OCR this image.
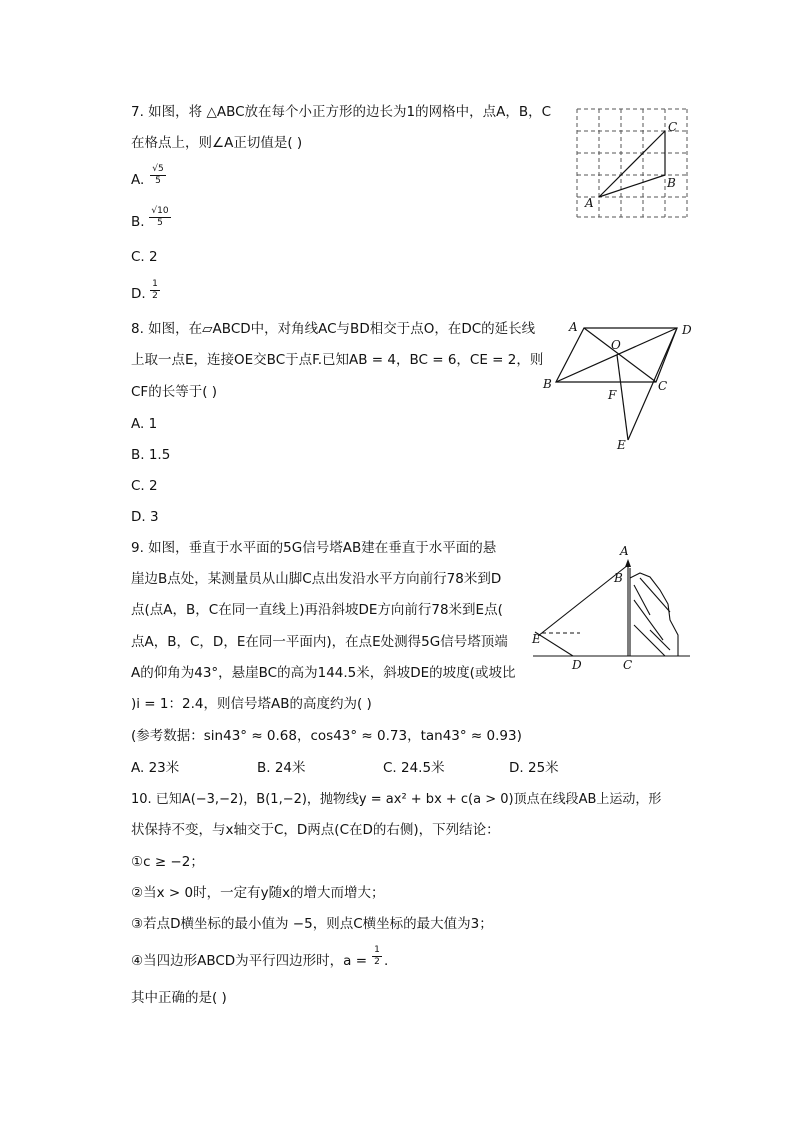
7. 如图，将 △ABC放在每个小正方形的边长为1的网格中，点A，B，C
在格点上，则∠A正切值是( )
A.
√5
5
B.
√10
5
C. 2
D.
1
2
A
B
C
8. 如图，在▱ABCD中，对角线AC与BD相交于点O，在DC的延长线
上取一点E，连接OE交BC于点F.已知AB = 4，BC = 6，CE = 2，则
CF的长等于( )
A. 1
B. 1.5
C. 2
D. 3
A	D
O
B	C
F
E
9. 如图，垂直于水平面的5G信号塔AB建在垂直于水平面的悬
崖边B点处，某测量员从山脚C点出发沿水平方向前行78米到D
点(点A，B，C在同一直线上)再沿斜坡DE方向前行78米到E点(
点A，B，C，D，E在同一平面内)，在点E处测得5G信号塔顶端
A的仰角为43°，悬崖BC的高为144.5米，斜坡DE的坡度(或坡比
)i = 1：2.4，则信号塔AB的高度约为( )
(参考数据：sin43° ≈ 0.68，cos43° ≈ 0.73，tan43° ≈ 0.93)
A. 23米	B. 24米	C. 24.5米	D. 25米
A
B
E
D	C
10. 已知A(−3,−2)，B(1,−2)，抛物线y = ax² + bx + c(a > 0)顶点在线段AB上运动，形
状保持不变，与x轴交于C，D两点(C在D的右侧)，下列结论：
①c ≥ −2；
②当x > 0时，一定有y随x的增大而增大；
③若点D横坐标的最小值为 −5，则点C横坐标的最大值为3；
④当四边形ABCD为平行四边形时，a =
1
2 .
其中正确的是( )
